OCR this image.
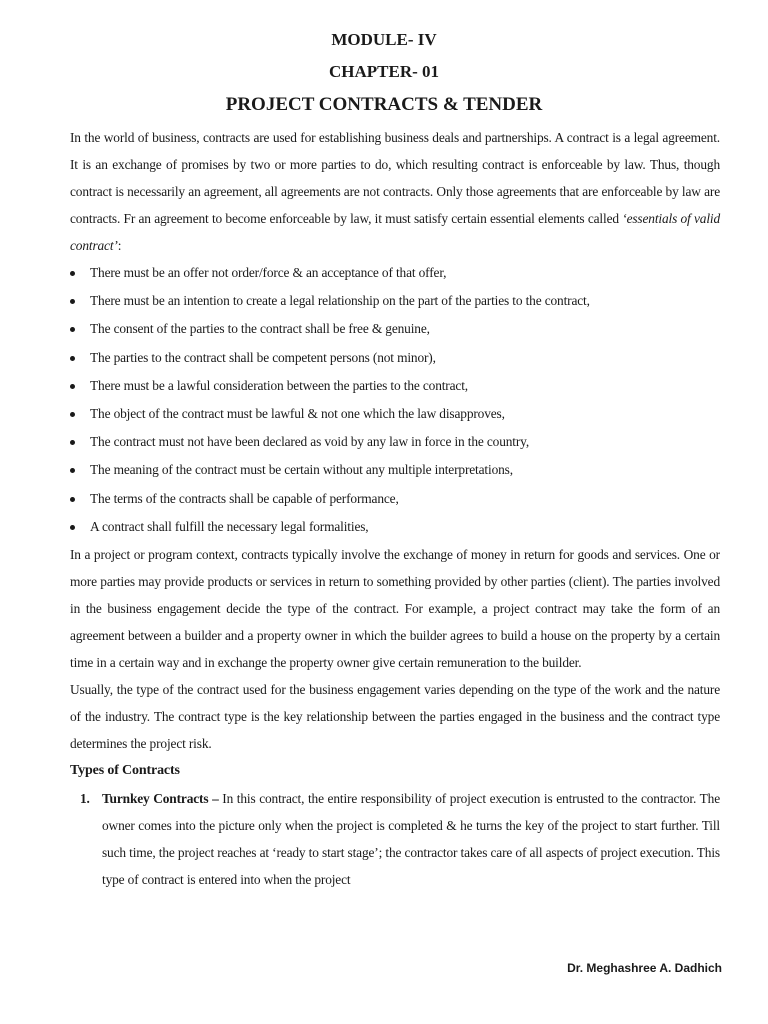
MODULE- IV

CHAPTER- 01

PROJECT CONTRACTS & TENDER

In the world of business, contracts are used for establishing business deals and partnerships. A contract is a legal agreement. It is an exchange of promises by two or more parties to do, which resulting contract is enforceable by law. Thus, though contract is necessarily an agreement, all agreements are not contracts. Only those agreements that are enforceable by law are contracts. Fr an agreement to become enforceable by law, it must satisfy certain essential elements called ‘essentials of valid contract’:

There must be an offer not order/force & an acceptance of that offer,
There must be an intention to create a legal relationship on the part of the parties to the contract,
The consent of the parties to the contract shall be free & genuine,
The parties to the contract shall be competent persons (not minor),
There must be a lawful consideration between the parties to the contract,
The object of the contract must be lawful & not one which the law disapproves,
The contract must not have been declared as void by any law in force in the country,
The meaning of the contract must be certain without any multiple interpretations,
The terms of the contracts shall be capable of performance,
A contract shall fulfill the necessary legal formalities,

In a project or program context, contracts typically involve the exchange of money in return for goods and services. One or more parties may provide products or services in return to something provided by other parties (client). The parties involved in the business engagement decide the type of the contract. For example, a project contract may take the form of an agreement between a builder and a property owner in which the builder agrees to build a house on the property by a certain time in a certain way and in exchange the property owner give certain remuneration to the builder.

Usually, the type of the contract used for the business engagement varies depending on the type of the work and the nature of the industry. The contract type is the key relationship between the parties engaged in the business and the contract type determines the project risk.

Types of Contracts

1. Turnkey Contracts – In this contract, the entire responsibility of project execution is entrusted to the contractor. The owner comes into the picture only when the project is completed & he turns the key of the project to start further. Till such time, the project reaches at ‘ready to start stage’; the contractor takes care of all aspects of project execution. This type of contract is entered into when the project
Dr. Meghashree A. Dadhich
